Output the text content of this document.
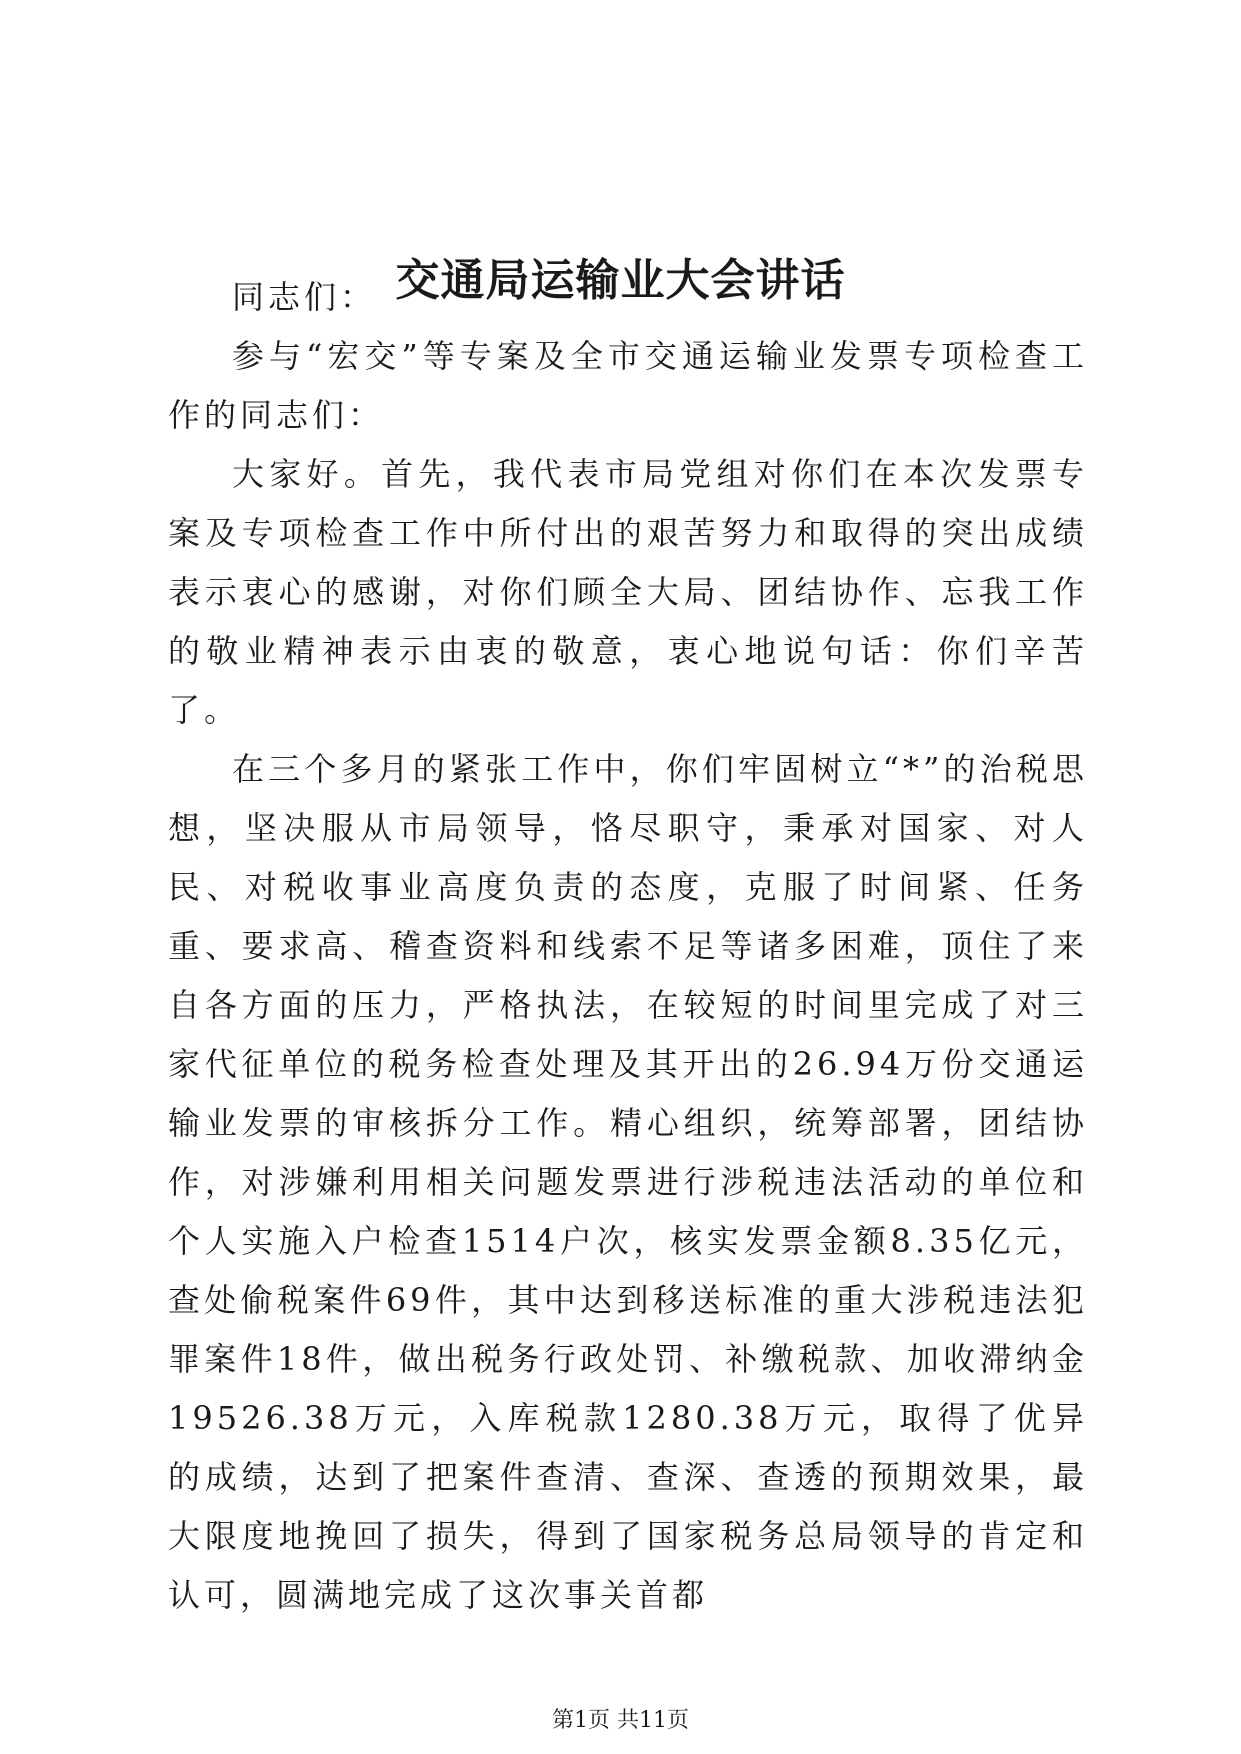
交通局运输业大会讲话

同志们：

参与“宏交”等专案及全市交通运输业发票专项检查工作的同志们：

大家好。首先，我代表市局党组对你们在本次发票专案及专项检查工作中所付出的艰苦努力和取得的突出成绩表示衷心的感谢，对你们顾全大局、团结协作、忘我工作的敬业精神表示由衷的敬意，衷心地说句话：你们辛苦了。

在三个多月的紧张工作中，你们牢固树立“*”的治税思想，坚决服从市局领导，恪尽职守，秉承对国家、对人民、对税收事业高度负责的态度，克服了时间紧、任务重、要求高、稽查资料和线索不足等诸多困难，顶住了来自各方面的压力，严格执法，在较短的时间里完成了对三家代征单位的税务检查处理及其开出的26.94万份交通运输业发票的审核拆分工作。精心组织，统筹部署，团结协作，对涉嫌利用相关问题发票进行涉税违法活动的单位和个人实施入户检查1514户次，核实发票金额8.35亿元，查处偷税案件69件，其中达到移送标准的重大涉税违法犯罪案件18件，做出税务行政处罚、补缴税款、加收滞纳金19526.38万元，入库税款1280.38万元，取得了优异的成绩，达到了把案件查清、查深、查透的预期效果，最大限度地挽回了损失，得到了国家税务总局领导的肯定和认可，圆满地完成了这次事关首都

第1页 共11页
